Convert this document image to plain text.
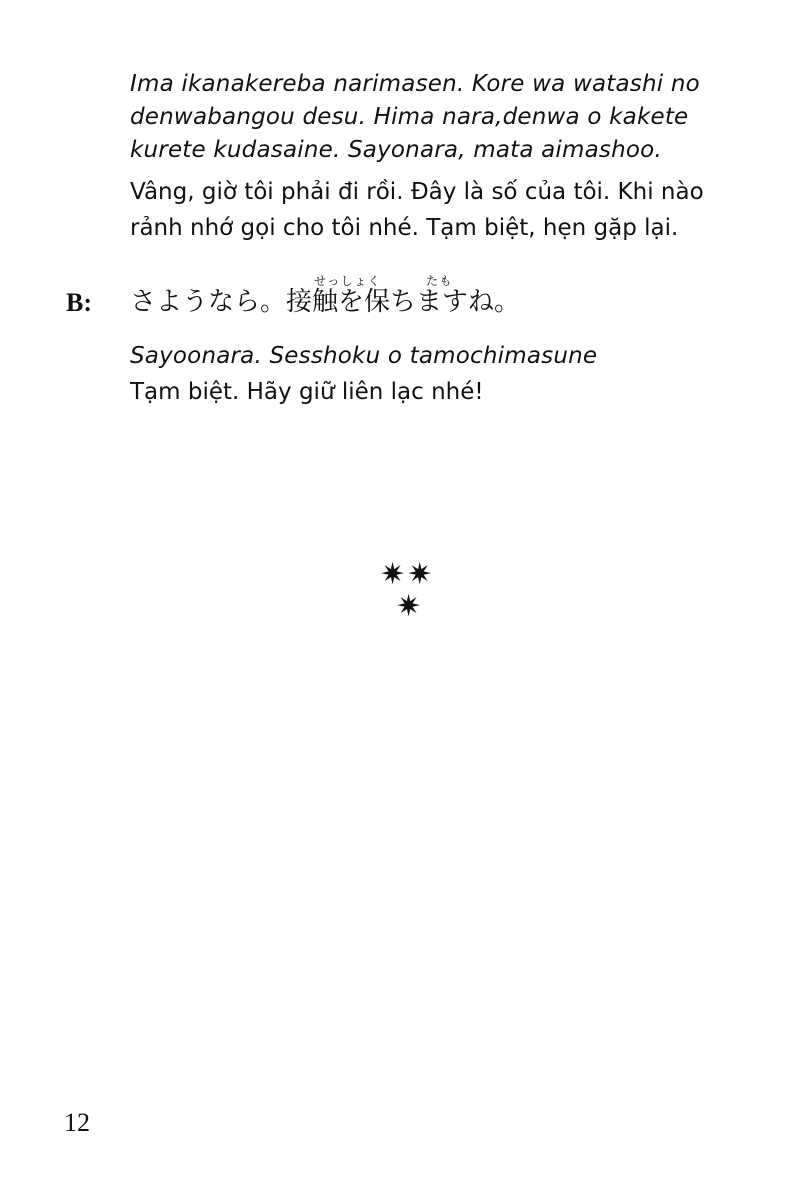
Ima ikanakereba narimasen. Kore wa watashi no
denwabangou desu. Hima nara,denwa o kakete
kurete kudasaine. Sayonara, mata aimashoo.
Vâng, giờ tôi phải đi rồi. Đây là số của tôi. Khi nào
rảnh nhớ gọi cho tôi nhé. Tạm biệt, hẹn gặp lại.
B:
せっしょく	たも
さようなら。接触を保ちますね。
Sayoonara. Sesshoku o tamochimasune
Tạm biệt. Hãy giữ liên lạc nhé!
✷✷
✷
12
